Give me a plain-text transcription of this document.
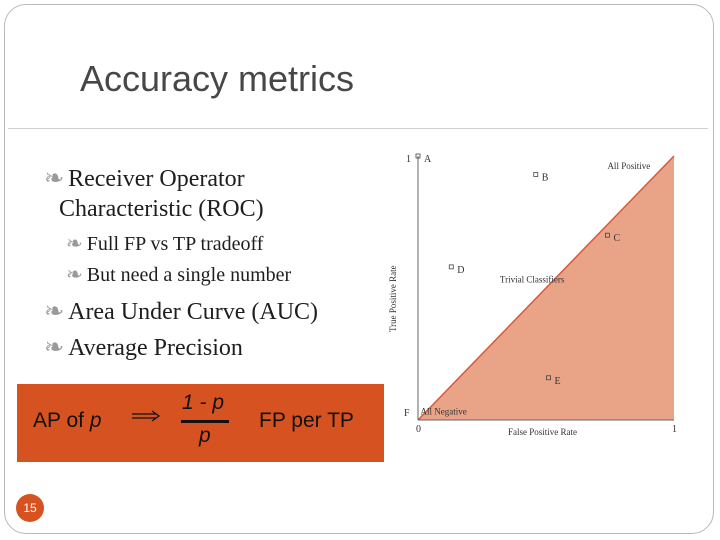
Accuracy metrics
❧ Receiver Operator
Characteristic (ROC)
❧ Full FP vs TP tradeoff
❧ But need a single number
❧ Area Under Curve (AUC)
❧ Average Precision
AP of p
1 - p
p
FP per TP
15
A
B
C
D
E
All Positive
Trivial Classifiers
All Negative
0	1
F
1
False Positive Rate
True Positive Rate
